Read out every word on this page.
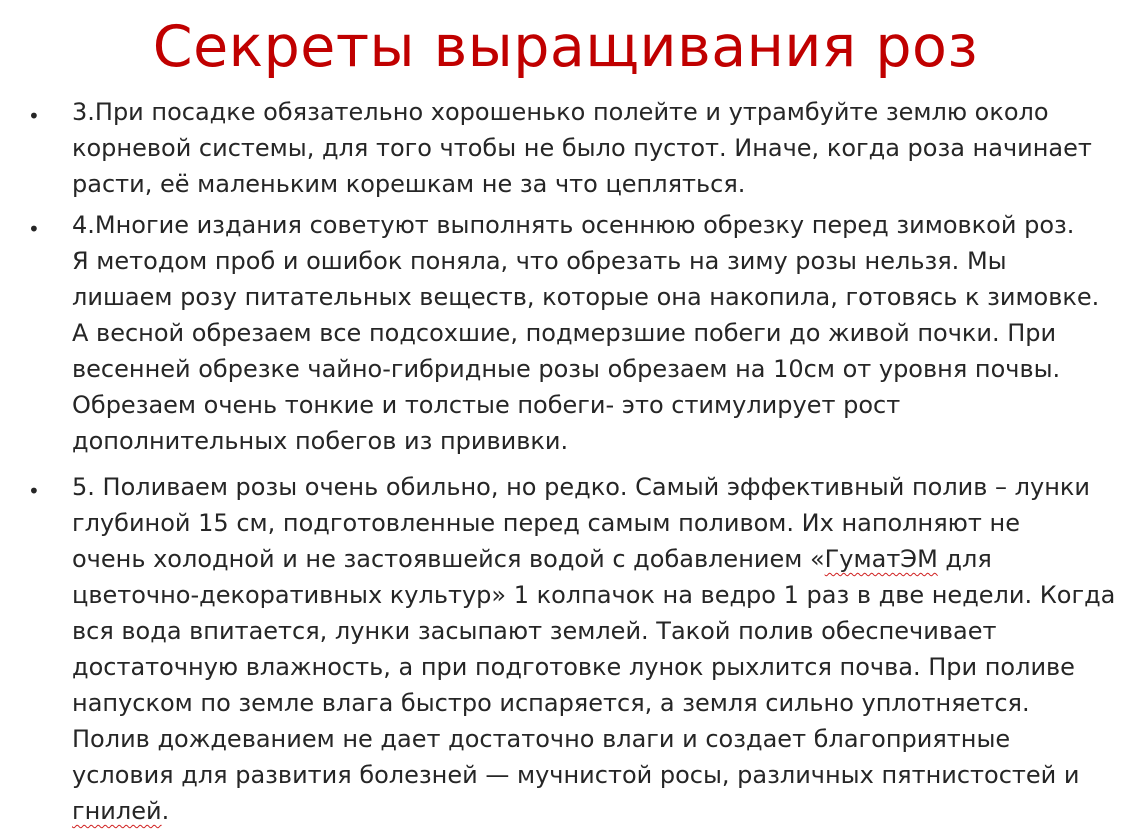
Секреты выращивания роз
• 3.При посадке обязательно хорошенько полейте и утрамбуйте землю около
корневой системы, для того чтобы не было пустот. Иначе, когда роза начинает
расти, её маленьким корешкам не за что цепляться.
• 4.Многие издания советуют выполнять осеннюю обрезку перед зимовкой роз.
Я методом проб и ошибок поняла, что обрезать на зиму розы нельзя. Мы
лишаем розу питательных веществ, которые она накопила, готовясь к зимовке.
А весной обрезаем все подсохшие, подмерзшие побеги до живой почки. При
весенней обрезке чайно-гибридные розы обрезаем на 10см от уровня почвы.
Обрезаем очень тонкие и толстые побеги- это стимулирует рост
дополнительных побегов из прививки.
• 5. Поливаем розы очень обильно, но редко. Самый эффективный полив – лунки
глубиной 15 см, подготовленные перед самым поливом. Их наполняют не
очень холодной и не застоявшейся водой с добавлением «ГуматЭМ для
цветочно-декоративных культур» 1 колпачок на ведро 1 раз в две недели. Когда
вся вода впитается, лунки засыпают землей. Такой полив обеспечивает
достаточную влажность, а при подготовке лунок рыхлится почва. При поливе
напуском по земле влага быстро испаряется, а земля сильно уплотняется.
Полив дождеванием не дает достаточно влаги и создает благоприятные
условия для развития болезней — мучнистой росы, различных пятнистостей и
гнилей.
